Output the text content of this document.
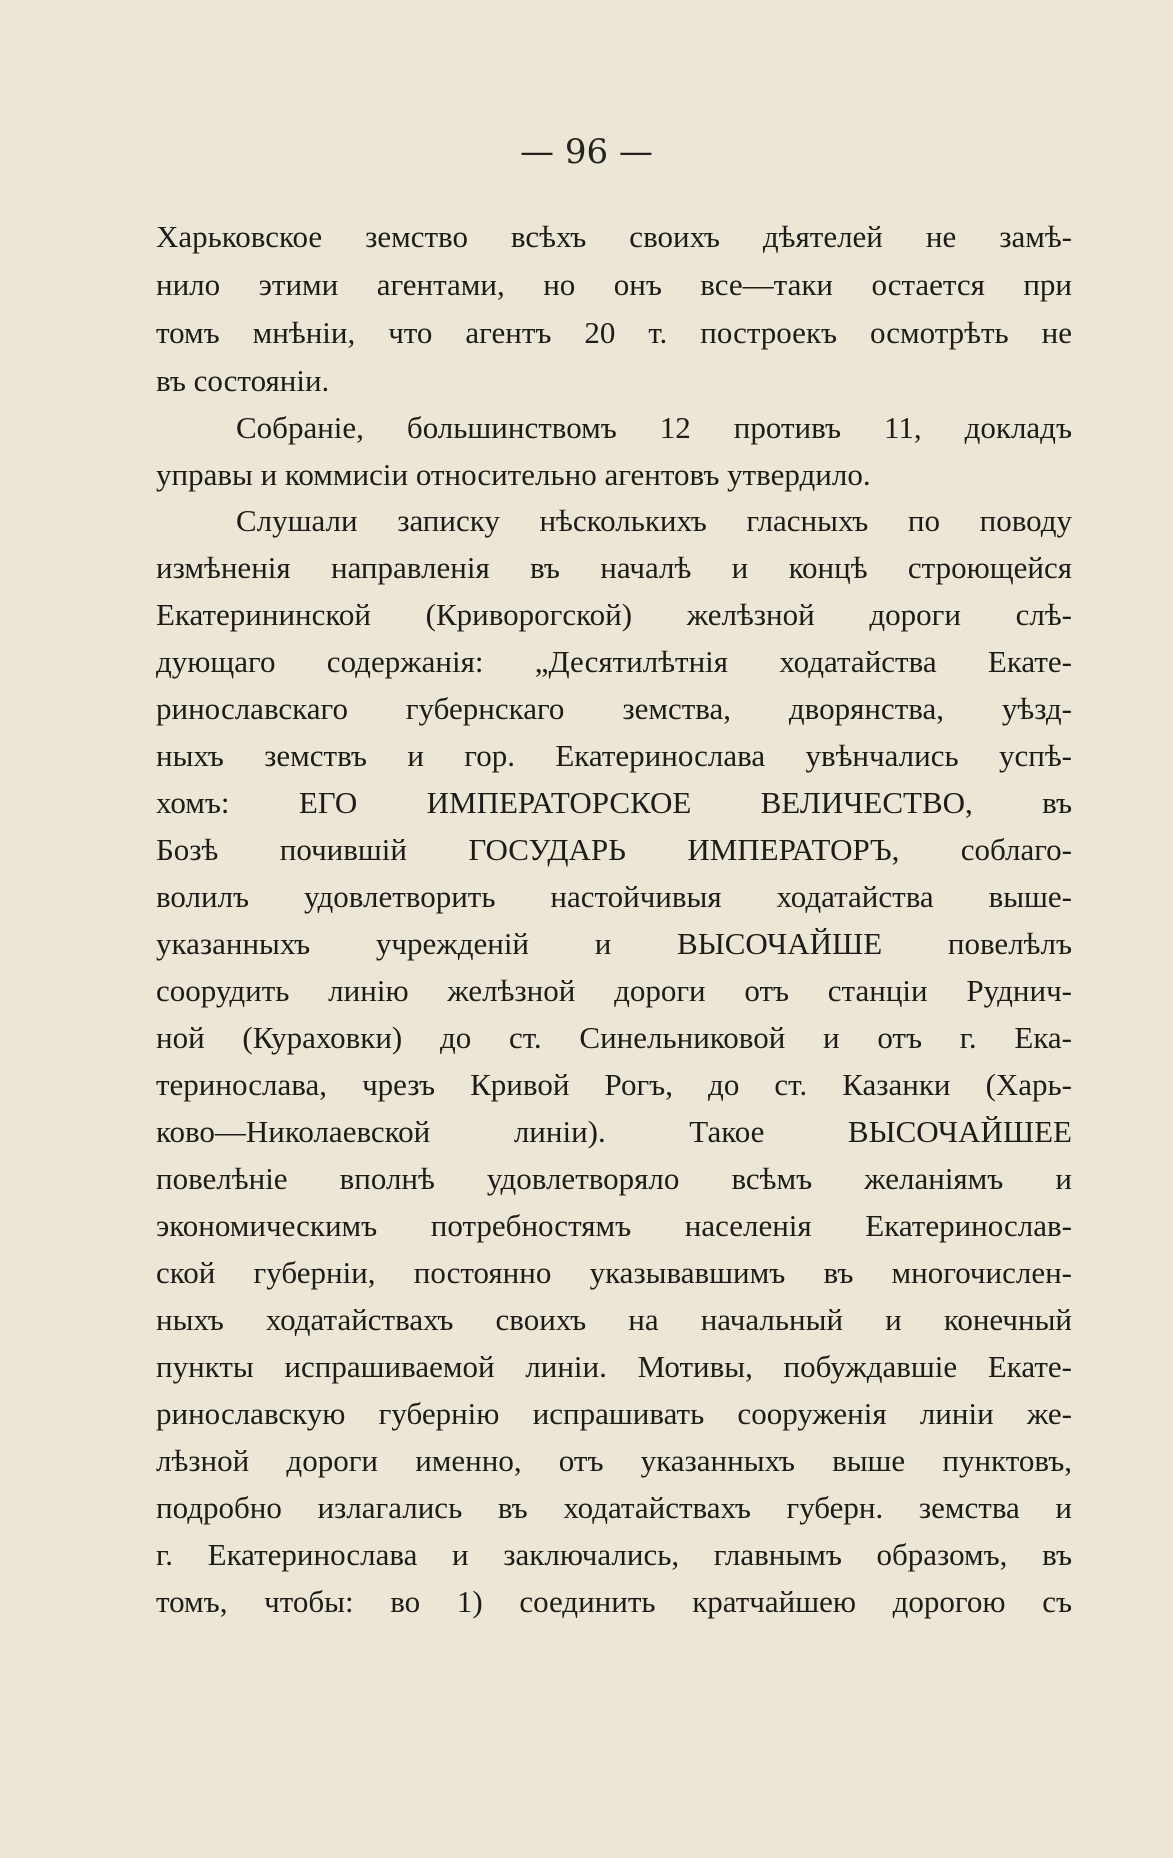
— 96 —
Харьковское земство всѣхъ своихъ дѣятелей не замѣ-
нило этими агентами, но онъ все—таки остается при
томъ мнѣніи, что агентъ 20 т. построекъ осмотрѣть не
въ состояніи.
Собраніе, большинствомъ 12 противъ 11, докладъ
управы и коммисіи относительно агентовъ утвердило.
Слушали записку нѣсколькихъ гласныхъ по поводу
измѣненія направленія въ началѣ и концѣ строющейся
Екатерининской (Криворогской) желѣзной дороги слѣ-
дующаго содержанія: „Десятилѣтнія ходатайства Екате-
ринославскаго губернскаго земства, дворянства, уѣзд-
ныхъ земствъ и гор. Екатеринослава увѣнчались успѣ-
хомъ: ЕГО ИМПЕРАТОРСКОЕ ВЕЛИЧЕСТВО, въ
Бозѣ почившій ГОСУДАРЬ ИМПЕРАТОРЪ, соблаго-
волилъ удовлетворить настойчивыя ходатайства выше-
указанныхъ учрежденій и ВЫСОЧАЙШЕ повелѣлъ
соорудить линію желѣзной дороги отъ станціи Руднич-
ной (Кураховки) до ст. Синельниковой и отъ г. Ека-
теринослава, чрезъ Кривой Рогъ, до ст. Казанки (Харь-
ково—Николаевской линіи). Такое ВЫСОЧАЙШЕЕ
повелѣніе вполнѣ удовлетворяло всѣмъ желаніямъ и
экономическимъ потребностямъ населенія Екатеринослав-
ской губерніи, постоянно указывавшимъ въ многочислен-
ныхъ ходатайствахъ своихъ на начальный и конечный
пункты испрашиваемой линіи. Мотивы, побуждавшіе Екате-
ринославскую губернію испрашивать сооруженія линіи же-
лѣзной дороги именно, отъ указанныхъ выше пунктовъ,
подробно излагались въ ходатайствахъ губерн. земства и
г. Екатеринослава и заключались, главнымъ образомъ, въ
томъ, чтобы: во 1) соединить кратчайшею дорогою съ
